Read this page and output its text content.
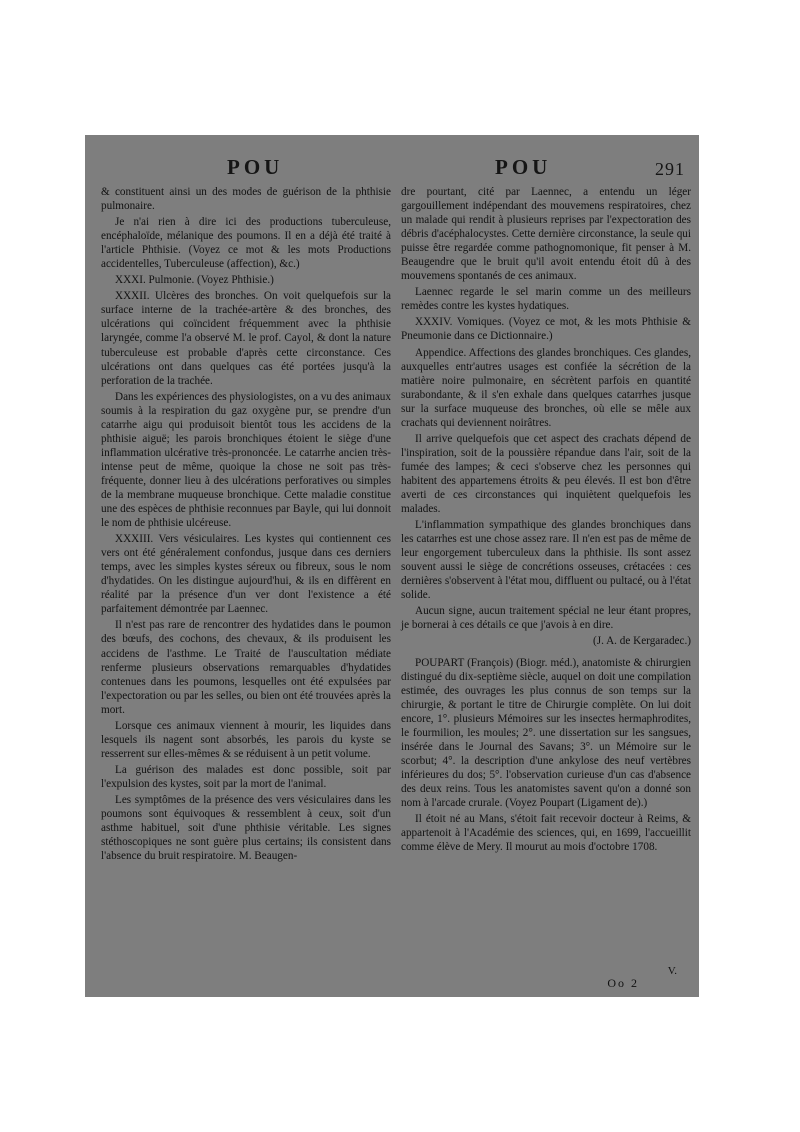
POU	POU	291

& constituent ainsi un des modes de guérison de la phthisie pulmonaire.

Je n'ai rien à dire ici des productions tuberculeuse, encéphaloïde, mélanique des poumons. Il en a déjà été traité à l'article Phthisie. (Voyez ce mot & les mots Productions accidentelles, Tuberculeuse (affection), &c.)

XXXI. Pulmonie. (Voyez Phthisie.)

XXXII. Ulcères des bronches. On voit quelquefois sur la surface interne de la trachée-artère & des bronches, des ulcérations qui coïncident fréquemment avec la phthisie laryngée, comme l'a observé M. le prof. Cayol, & dont la nature tuberculeuse est probable d'après cette circonstance. Ces ulcérations ont dans quelques cas été portées jusqu'à la perforation de la trachée.

Dans les expériences des physiologistes, on a vu des animaux soumis à la respiration du gaz oxygène pur, se prendre d'un catarrhe aigu qui produisoit bientôt tous les accidens de la phthisie aiguë; les parois bronchiques étoient le siège d'une inflammation ulcérative très-prononcée. Le catarrhe ancien très-intense peut de même, quoique la chose ne soit pas très-fréquente, donner lieu à des ulcérations perforatives ou simples de la membrane muqueuse bronchique. Cette maladie constitue une des espèces de phthisie reconnues par Bayle, qui lui donnoit le nom de phthisie ulcéreuse.

XXXIII. Vers vésiculaires. Les kystes qui contiennent ces vers ont été généralement confondus, jusque dans ces derniers temps, avec les simples kystes séreux ou fibreux, sous le nom d'hydatides. On les distingue aujourd'hui, & ils en diffèrent en réalité par la présence d'un ver dont l'existence a été parfaitement démontrée par Laennec.

Il n'est pas rare de rencontrer des hydatides dans le poumon des bœufs, des cochons, des chevaux, & ils produisent les accidens de l'asthme. Le Traité de l'auscultation médiate renferme plusieurs observations remarquables d'hydatides contenues dans les poumons, lesquelles ont été expulsées par l'expectoration ou par les selles, ou bien ont été trouvées après la mort.

Lorsque ces animaux viennent à mourir, les liquides dans lesquels ils nagent sont absorbés, les parois du kyste se resserrent sur elles-mêmes & se réduisent à un petit volume.

La guérison des malades est donc possible, soit par l'expulsion des kystes, soit par la mort de l'animal.

Les symptômes de la présence des vers vésiculaires dans les poumons sont équivoques & ressemblent à ceux, soit d'un asthme habituel, soit d'une phthisie véritable. Les signes stéthoscopiques ne sont guère plus certains; ils consistent dans l'absence du bruit respiratoire. M. Beaugen-

dre pourtant, cité par Laennec, a entendu un léger gargouillement indépendant des mouvemens respiratoires, chez un malade qui rendit à plusieurs reprises par l'expectoration des débris d'acéphalocystes. Cette dernière circonstance, la seule qui puisse être regardée comme pathognomonique, fit penser à M. Beaugendre que le bruit qu'il avoit entendu étoit dû à des mouvemens spontanés de ces animaux.

Laennec regarde le sel marin comme un des meilleurs remèdes contre les kystes hydatiques.

XXXIV. Vomiques. (Voyez ce mot, & les mots Phthisie & Pneumonie dans ce Dictionnaire.)

Appendice. Affections des glandes bronchiques. Ces glandes, auxquelles entr'autres usages est confiée la sécrétion de la matière noire pulmonaire, en sécrètent parfois en quantité surabondante, & il s'en exhale dans quelques catarrhes jusque sur la surface muqueuse des bronches, où elle se mêle aux crachats qui deviennent noirâtres.

Il arrive quelquefois que cet aspect des crachats dépend de l'inspiration, soit de la poussière répandue dans l'air, soit de la fumée des lampes; & ceci s'observe chez les personnes qui habitent des appartemens étroits & peu élevés. Il est bon d'être averti de ces circonstances qui inquiètent quelquefois les malades.

L'inflammation sympathique des glandes bronchiques dans les catarrhes est une chose assez rare. Il n'en est pas de même de leur engorgement tuberculeux dans la phthisie. Ils sont assez souvent aussi le siège de concrétions osseuses, crétacées : ces dernières s'observent à l'état mou, diffluent ou pultacé, ou à l'état solide.

Aucun signe, aucun traitement spécial ne leur étant propres, je bornerai à ces détails ce que j'avois à en dire.

(J. A. de Kergaradec.)

POUPART (François) (Biogr. méd.), anatomiste & chirurgien distingué du dix-septième siècle, auquel on doit une compilation estimée, des ouvrages les plus connus de son temps sur la chirurgie, & portant le titre de Chirurgie complète. On lui doit encore, 1°. plusieurs Mémoires sur les insectes hermaphrodites, le fourmilion, les moules; 2°. une dissertation sur les sangsues, insérée dans le Journal des Savans; 3°. un Mémoire sur le scorbut; 4°. la description d'une ankylose des neuf vertèbres inférieures du dos; 5°. l'observation curieuse d'un cas d'absence des deux reins. Tous les anatomistes savent qu'on a donné son nom à l'arcade crurale. (Voyez Poupart (Ligament de).)

Il étoit né au Mans, s'étoit fait recevoir docteur à Reims, & appartenoit à l'Académie des sciences, qui, en 1699, l'accueillit comme élève de Mery. Il mourut au mois d'octobre 1708.

V.
Oo 2
